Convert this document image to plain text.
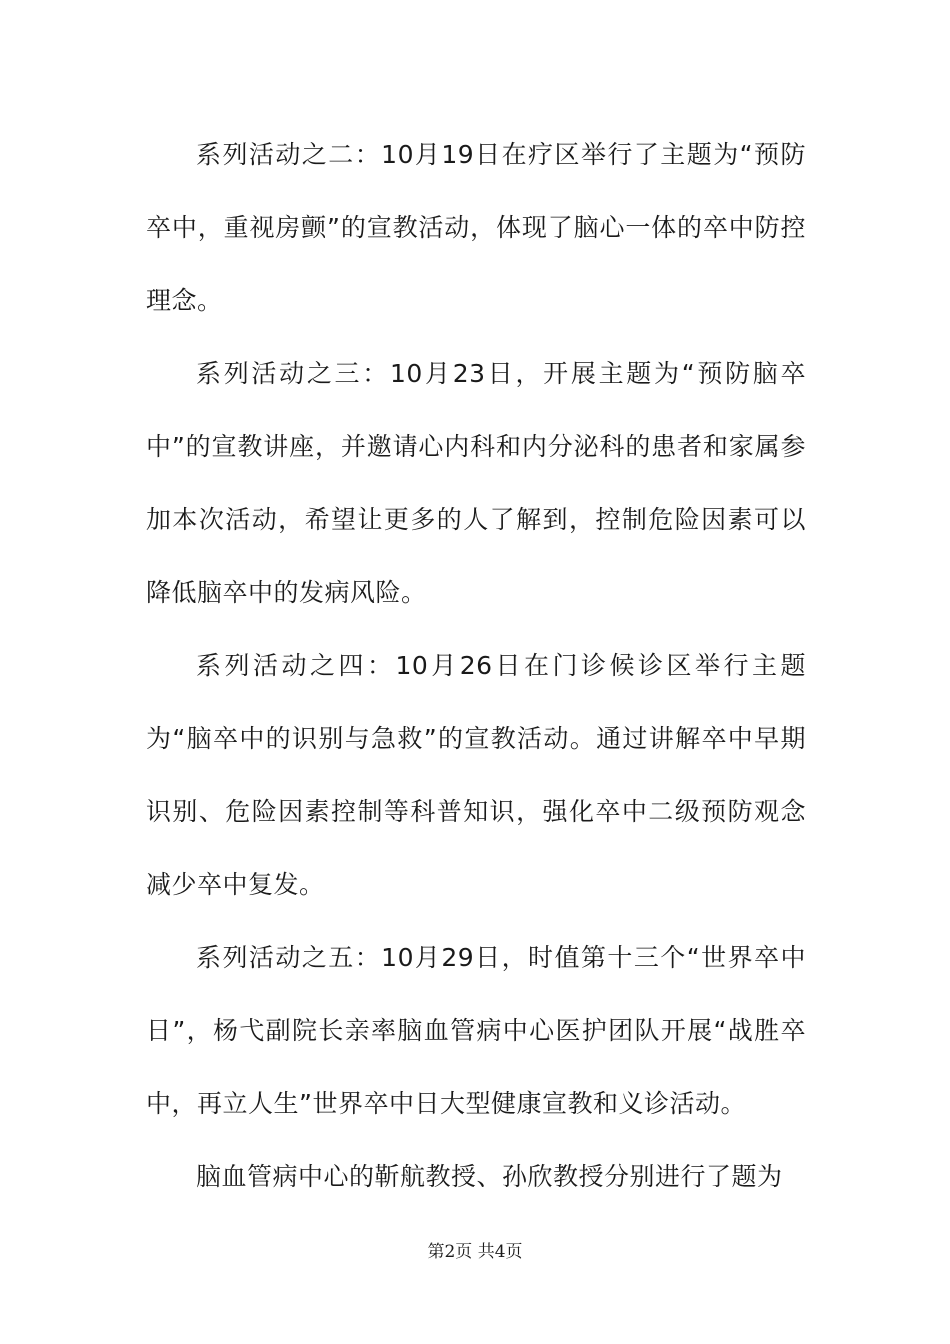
系列活动之二：10月19日在疗区举行了主题为“预防卒中，重视房颤”的宣教活动，体现了脑心一体的卒中防控理念。

系列活动之三：10月23日，开展主题为“预防脑卒中”的宣教讲座，并邀请心内科和内分泌科的患者和家属参加本次活动，希望让更多的人了解到，控制危险因素可以降低脑卒中的发病风险。

系列活动之四：10月26日在门诊候诊区举行主题为“脑卒中的识别与急救”的宣教活动。通过讲解卒中早期识别、危险因素控制等科普知识，强化卒中二级预防观念减少卒中复发。

系列活动之五：10月29日，时值第十三个“世界卒中日”，杨弋副院长亲率脑血管病中心医护团队开展“战胜卒中，再立人生”世界卒中日大型健康宣教和义诊活动。

脑血管病中心的靳航教授、孙欣教授分别进行了题为

第2页 共4页
